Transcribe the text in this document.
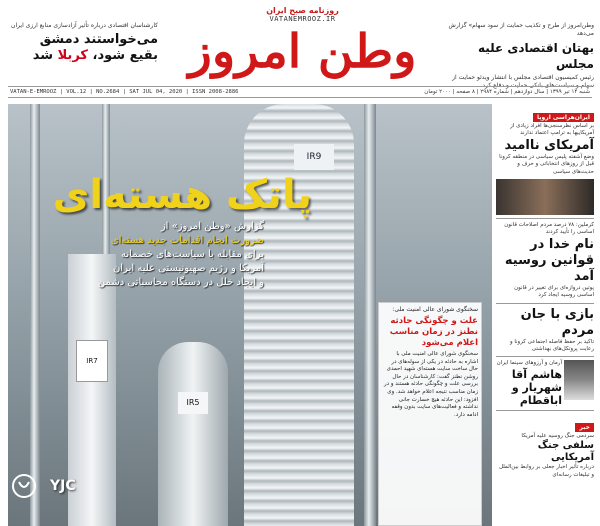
کارشناسان اقتصادی درباره تأثیر آزادسازی منابع ارزی ایران
می‌خواستند دمشق
بقیع شود، کربلا شد
روزنامه صبح ایران
VATANEMROOZ.IR
وطن امروز	وطن‌امروز از طرح و تکذیب حمایت از سود سهام» گزارش می‌دهد
بهتان اقتصادی علیه مجلس
رئیس کمیسیون اقتصادی مجلس با انتشار ویدئو حمایت از سهام و سیاست‌های بانکی حمایت و دفاع کرد
VATAN-E-EMROOZ | VOL.12 | NO.2684 | SAT JUL 04, 2020 | ISSN 2008-2886	شنبه ۱۴ تیر ۱۳۹۹ | سال دوازدهم | شماره ۲۹۸۴ | ۸ صفحه | ۲۰۰۰ تومان
IR7
IR9
IR5
پاتک هسته‌ای
گزارش «وطن امروز» از
ضرورت انجام اقدامات جدید هسته‌ای
برای مقابله با سیاست‌های خصمانه
آمریکا و رژیم صهیونیستی علیه ایران
و ایجاد خلل در دستگاه محاسباتی دشمن
سخنگوی شورای عالی امنیت ملی:
علت و چگونگی حادثه نطنز در زمان مناسب اعلام می‌شود
سخنگوی شورای عالی امنیت ملی با اشاره به حادثه در یکی از سوله‌های در حال ساخت سایت هسته‌ای شهید احمدی روشن نطنز گفت: کارشناسان در حال بررسی علت و چگونگی حادثه هستند و در زمان مناسب نتیجه اعلام خواهد شد. وی افزود: این حادثه هیچ خسارت جانی نداشته و فعالیت‌های سایت بدون وقفه ادامه دارد.
ایران‌هراسی اروپا
بر اساس نظرسنجی‌ها افراد زیادی از آمریکاییها به ترامپ اعتماد ندارند
آمریکای ناامید
وضع آشفته پلیس سیاسی در منطقه کرونا قبل از روزهای انتخاباتی و حرف و حدیث‌های سیاسی
کرملین: ۷۸ درصد مردم اصلاحات قانون اساسی را تأیید کردند
نام خدا در قوانین روسیه آمد
پوتین دروازه‌ای برای تغییر در قانون اساسی روسیه ایجاد کرد
بازی با جان مردم
تاکید بر حفظ فاصله اجتماعی کرونا و رعایت پروتکل‌های بهداشتی
آرمان و آرزوهای سینما ایران
هاشم آقا شهریار و اباقطام
خبر
سردمی جنگ روسیه علیه آمریکا
سلفی جنگ آمریکایی
درباره تأثیر اخبار جعلی بر روابط بین‌الملل و تبلیغات رسانه‌ای
YJC
